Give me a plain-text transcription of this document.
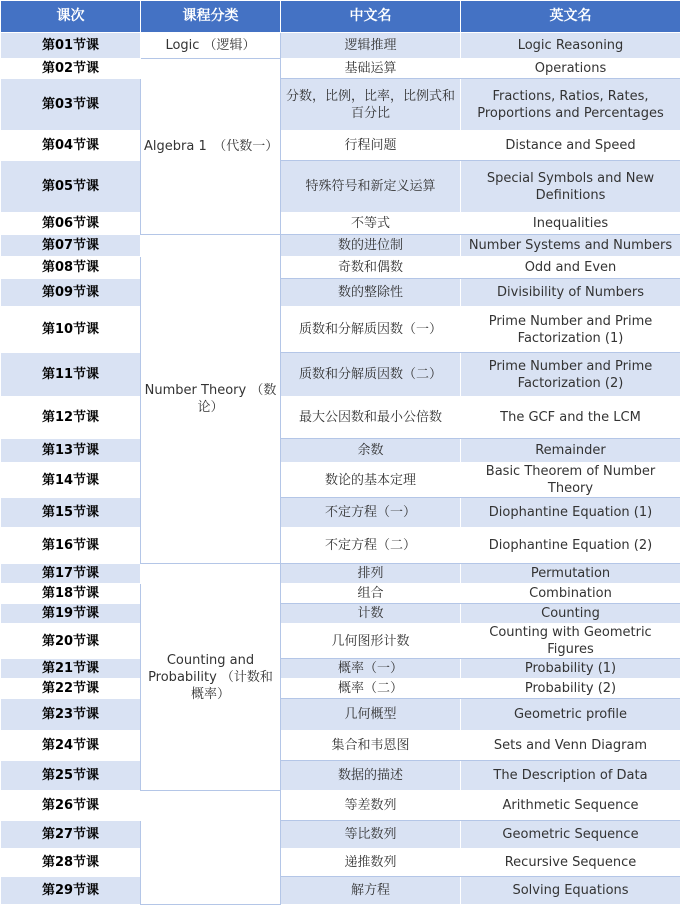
课次	课程分类	中文名	英文名
第01节课	Logic （逻辑）	逻辑推理	Logic Reasoning
第02节课	Algebra 1　（代数一）	基础运算	Operations
第03节课		分数，比例，比率，比例式和百分比	Fractions, Ratios, Rates, Proportions and Percentages
第04节课		行程问题	Distance and Speed
第05节课		特殊符号和新定义运算	Special Symbols and New Definitions
第06节课		不等式	Inequalities
第07节课	Number Theory （数论）	数的进位制	Number Systems and Numbers
第08节课		奇数和偶数	Odd and Even
第09节课		数的整除性	Divisibility of Numbers
第10节课		质数和分解质因数（一）	Prime Number and Prime Factorization (1)
第11节课		质数和分解质因数（二）	Prime Number and Prime Factorization (2)
第12节课		最大公因数和最小公倍数	The GCF and the LCM
第13节课		余数	Remainder
第14节课		数论的基本定理	Basic Theorem of Number Theory
第15节课		不定方程（一）	Diophantine Equation (1)
第16节课		不定方程（二）	Diophantine Equation (2)
第17节课	Counting and Probability （计数和概率）	排列	Permutation
第18节课		组合	Combination
第19节课		计数	Counting
第20节课		几何图形计数	Counting with Geometric Figures
第21节课		概率（一）	Probability (1)
第22节课		概率（二）	Probability (2)
第23节课		几何概型	Geometric profile
第24节课		集合和韦恩图	Sets and Venn Diagram
第25节课		数据的描述	The Description of Data
第26节课		等差数列	Arithmetic Sequence
第27节课		等比数列	Geometric Sequence
第28节课		递推数列	Recursive Sequence
第29节课		解方程	Solving Equations
